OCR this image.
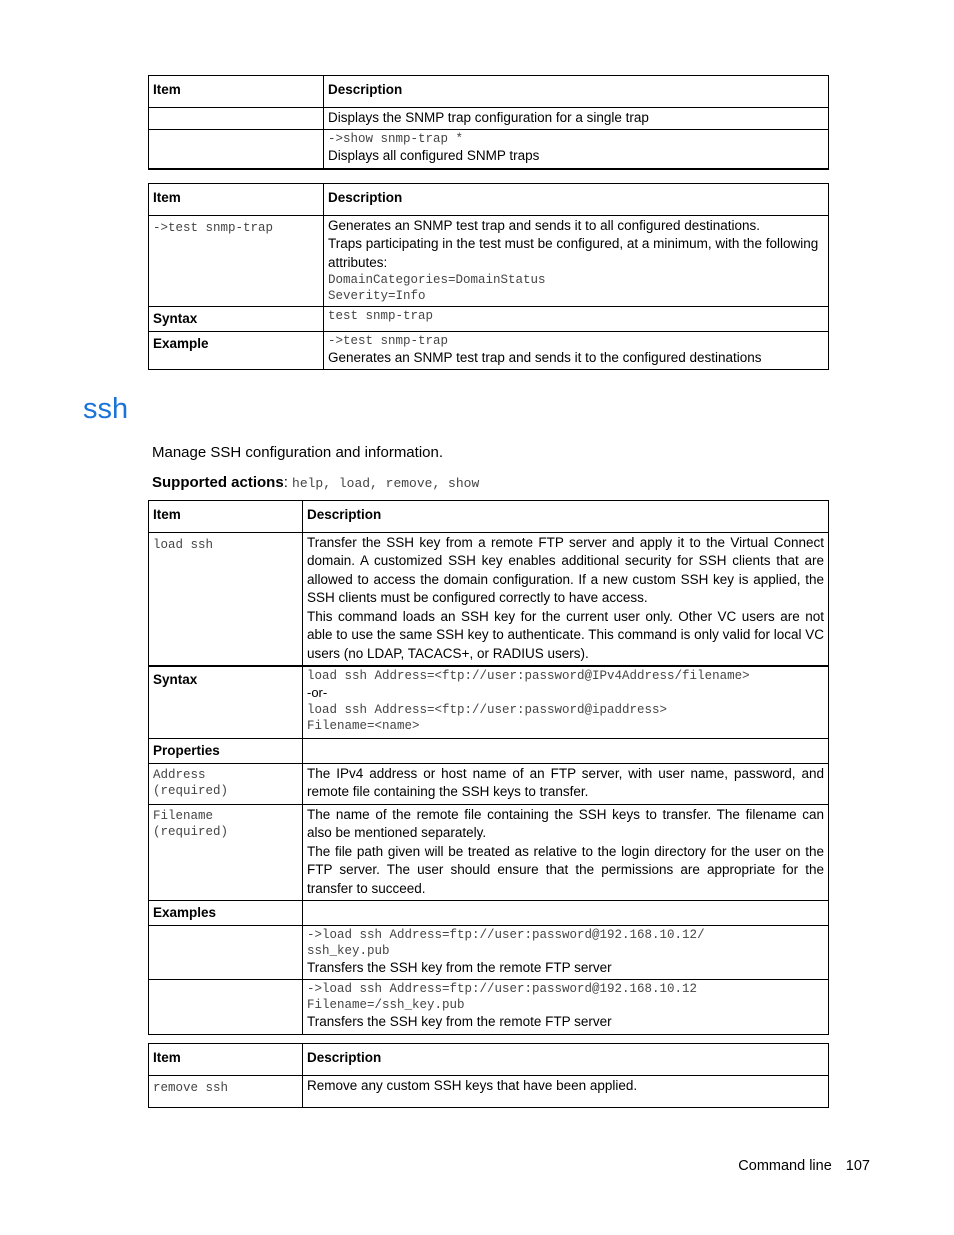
Item	Description

	Displays the SNMP trap configuration for a single trap

	->show snmp-trap *
Displays all configured SNMP traps
Item	Description

->test snmp-trap	Generates an SNMP test trap and sends it to all configured destinations.
Traps participating in the test must be configured, at a minimum, with the following attributes:
DomainCategories=DomainStatus
Severity=Info

Syntax	test snmp-trap

Example	->test snmp-trap
Generates an SNMP test trap and sends it to the configured destinations
ssh
Manage SSH configuration and information.
Supported actions: help, load, remove, show
Item	Description

load ssh	Transfer the SSH key from a remote FTP server and apply it to the Virtual Connect domain. A customized SSH key enables additional security for SSH clients that are allowed to access the domain configuration. If a new custom SSH key is applied, the SSH clients must be configured correctly to have access.
This command loads an SSH key for the current user only. Other VC users are not able to use the same SSH key to authenticate. This command is only valid for local VC users (no LDAP, TACACS+, or RADIUS users).

Syntax	load ssh Address=<ftp://user:password@IPv4Address/filename>
-or-
load ssh Address=<ftp://user:password@ipaddress>
Filename=<name>

Properties	

Address
(required)	The IPv4 address or host name of an FTP server, with user name, password, and remote file containing the SSH keys to transfer.

Filename
(required)	The name of the remote file containing the SSH keys to transfer. The filename can also be mentioned separately.
The file path given will be treated as relative to the login directory for the user on the FTP server. The user should ensure that the permissions are appropriate for the transfer to succeed.

Examples	

	->load ssh Address=ftp://user:password@192.168.10.12/
ssh_key.pub
Transfers the SSH key from the remote FTP server

	->load ssh Address=ftp://user:password@192.168.10.12
Filename=/ssh_key.pub
Transfers the SSH key from the remote FTP server
Item	Description

remove ssh	Remove any custom SSH keys that have been applied.
Command line 107
